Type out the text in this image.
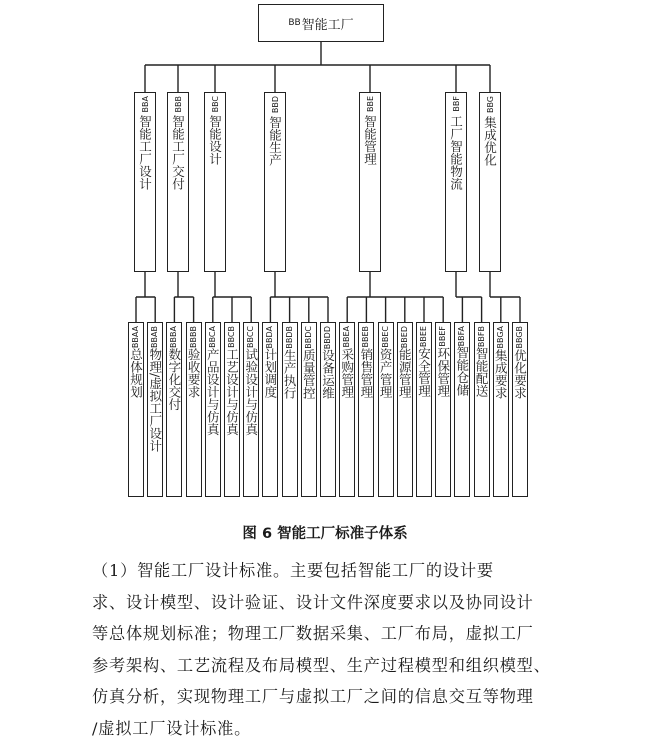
BB 智能工厂
BBA
智能工厂设计
BBAA
总体规划
BBAB
物理/虚拟工厂设计
BBB
智能工厂交付
BBBA
数字化交付
BBBB
验收要求
BBC
智能设计
BBCA
产品设计与仿真
BBCB
工艺设计与仿真
BBCC
试验设计与仿真
BBD
智能生产
BBDA
计划调度
BBDB
生产执行
BBDC
质量管控
BBDD
设备运维
BBE
智能管理
BBEA
采购管理
BBEB
销售管理
BBEC
资产管理
BBED
能源管理
BBEE
安全管理
BBEF
环保管理
BBF
工厂智能物流
BBFA
智能仓储
BBFB
智能配送
BBG
集成优化
BBGA
集成要求
BBGB
优化要求
图 6 智能工厂标准子体系
（1）智能工厂设计标准。主要包括智能工厂的设计要
求、设计模型、设计验证、设计文件深度要求以及协同设计
等总体规划标准；物理工厂数据采集、工厂布局，虚拟工厂
参考架构、工艺流程及布局模型、生产过程模型和组织模型、
仿真分析，实现物理工厂与虚拟工厂之间的信息交互等物理
/虚拟工厂设计标准。
